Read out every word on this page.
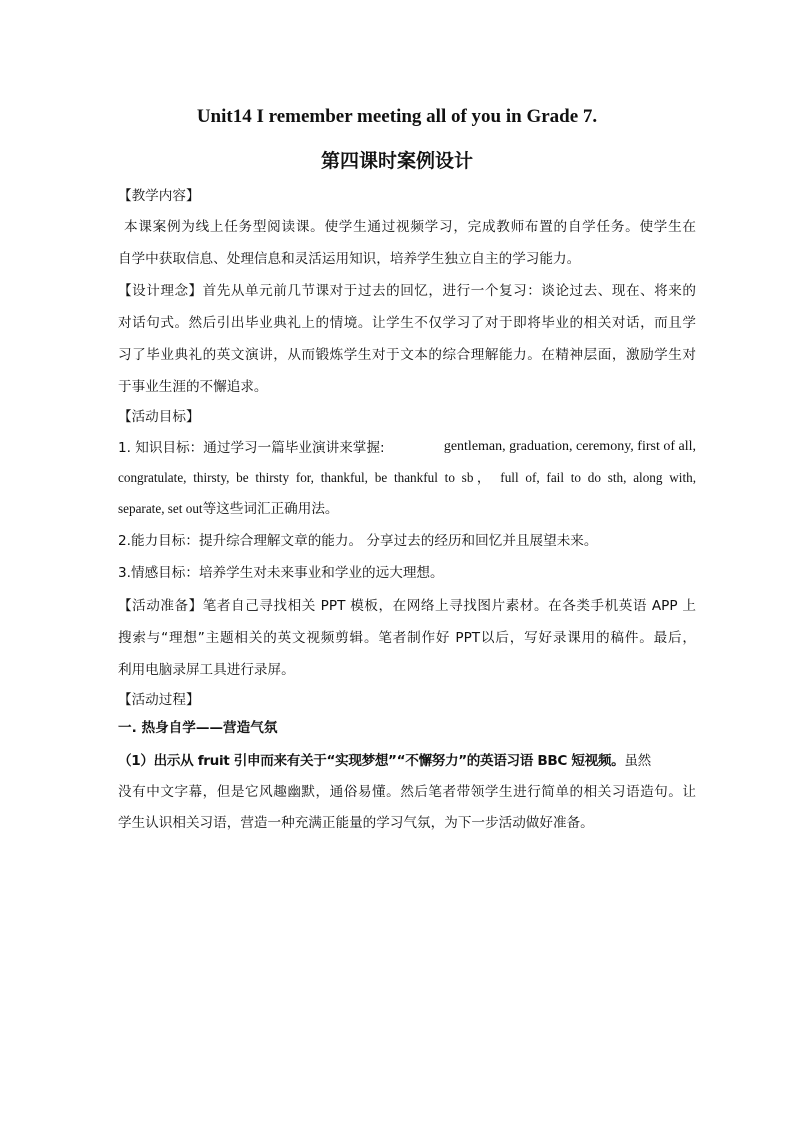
Unit14 I remember meeting all of you in Grade 7.
第四课时案例设计
【教学内容】
本课案例为线上任务型阅读课。使学生通过视频学习，完成教师布置的自学任务。使学生在
自学中获取信息、处理信息和灵活运用知识，培养学生独立自主的学习能力。
【设计理念】首先从单元前几节课对于过去的回忆，进行一个复习：谈论过去、现在、将来的
对话句式。然后引出毕业典礼上的情境。让学生不仅学习了对于即将毕业的相关对话，而且学
习了毕业典礼的英文演讲，从而锻炼学生对于文本的综合理解能力。在精神层面，激励学生对
于事业生涯的不懈追求。
【活动目标】
1. 知识目标：通过学习一篇毕业演讲来掌握:	gentleman, graduation, ceremony, first of all,
congratulate, thirsty, be thirsty for, thankful, be thankful to sb， full of, fail to do sth, along with,
separate, set out等这些词汇正确用法。
2.能力目标：提升综合理解文章的能力。 分享过去的经历和回忆并且展望未来。
3.情感目标：培养学生对未来事业和学业的远大理想。
【活动准备】笔者自己寻找相关 PPT 模板，在网络上寻找图片素材。在各类手机英语 APP 上
搜索与“理想”主题相关的英文视频剪辑。笔者制作好 PPT以后，写好录课用的稿件。最后，
利用电脑录屏工具进行录屏。
【活动过程】
一. 热身自学——营造气氛
（1）出示从 fruit 引申而来有关于“实现梦想”“不懈努力”的英语习语 BBC 短视频。虽然
没有中文字幕，但是它风趣幽默，通俗易懂。然后笔者带领学生进行简单的相关习语造句。让
学生认识相关习语，营造一种充满正能量的学习气氛，为下一步活动做好准备。
